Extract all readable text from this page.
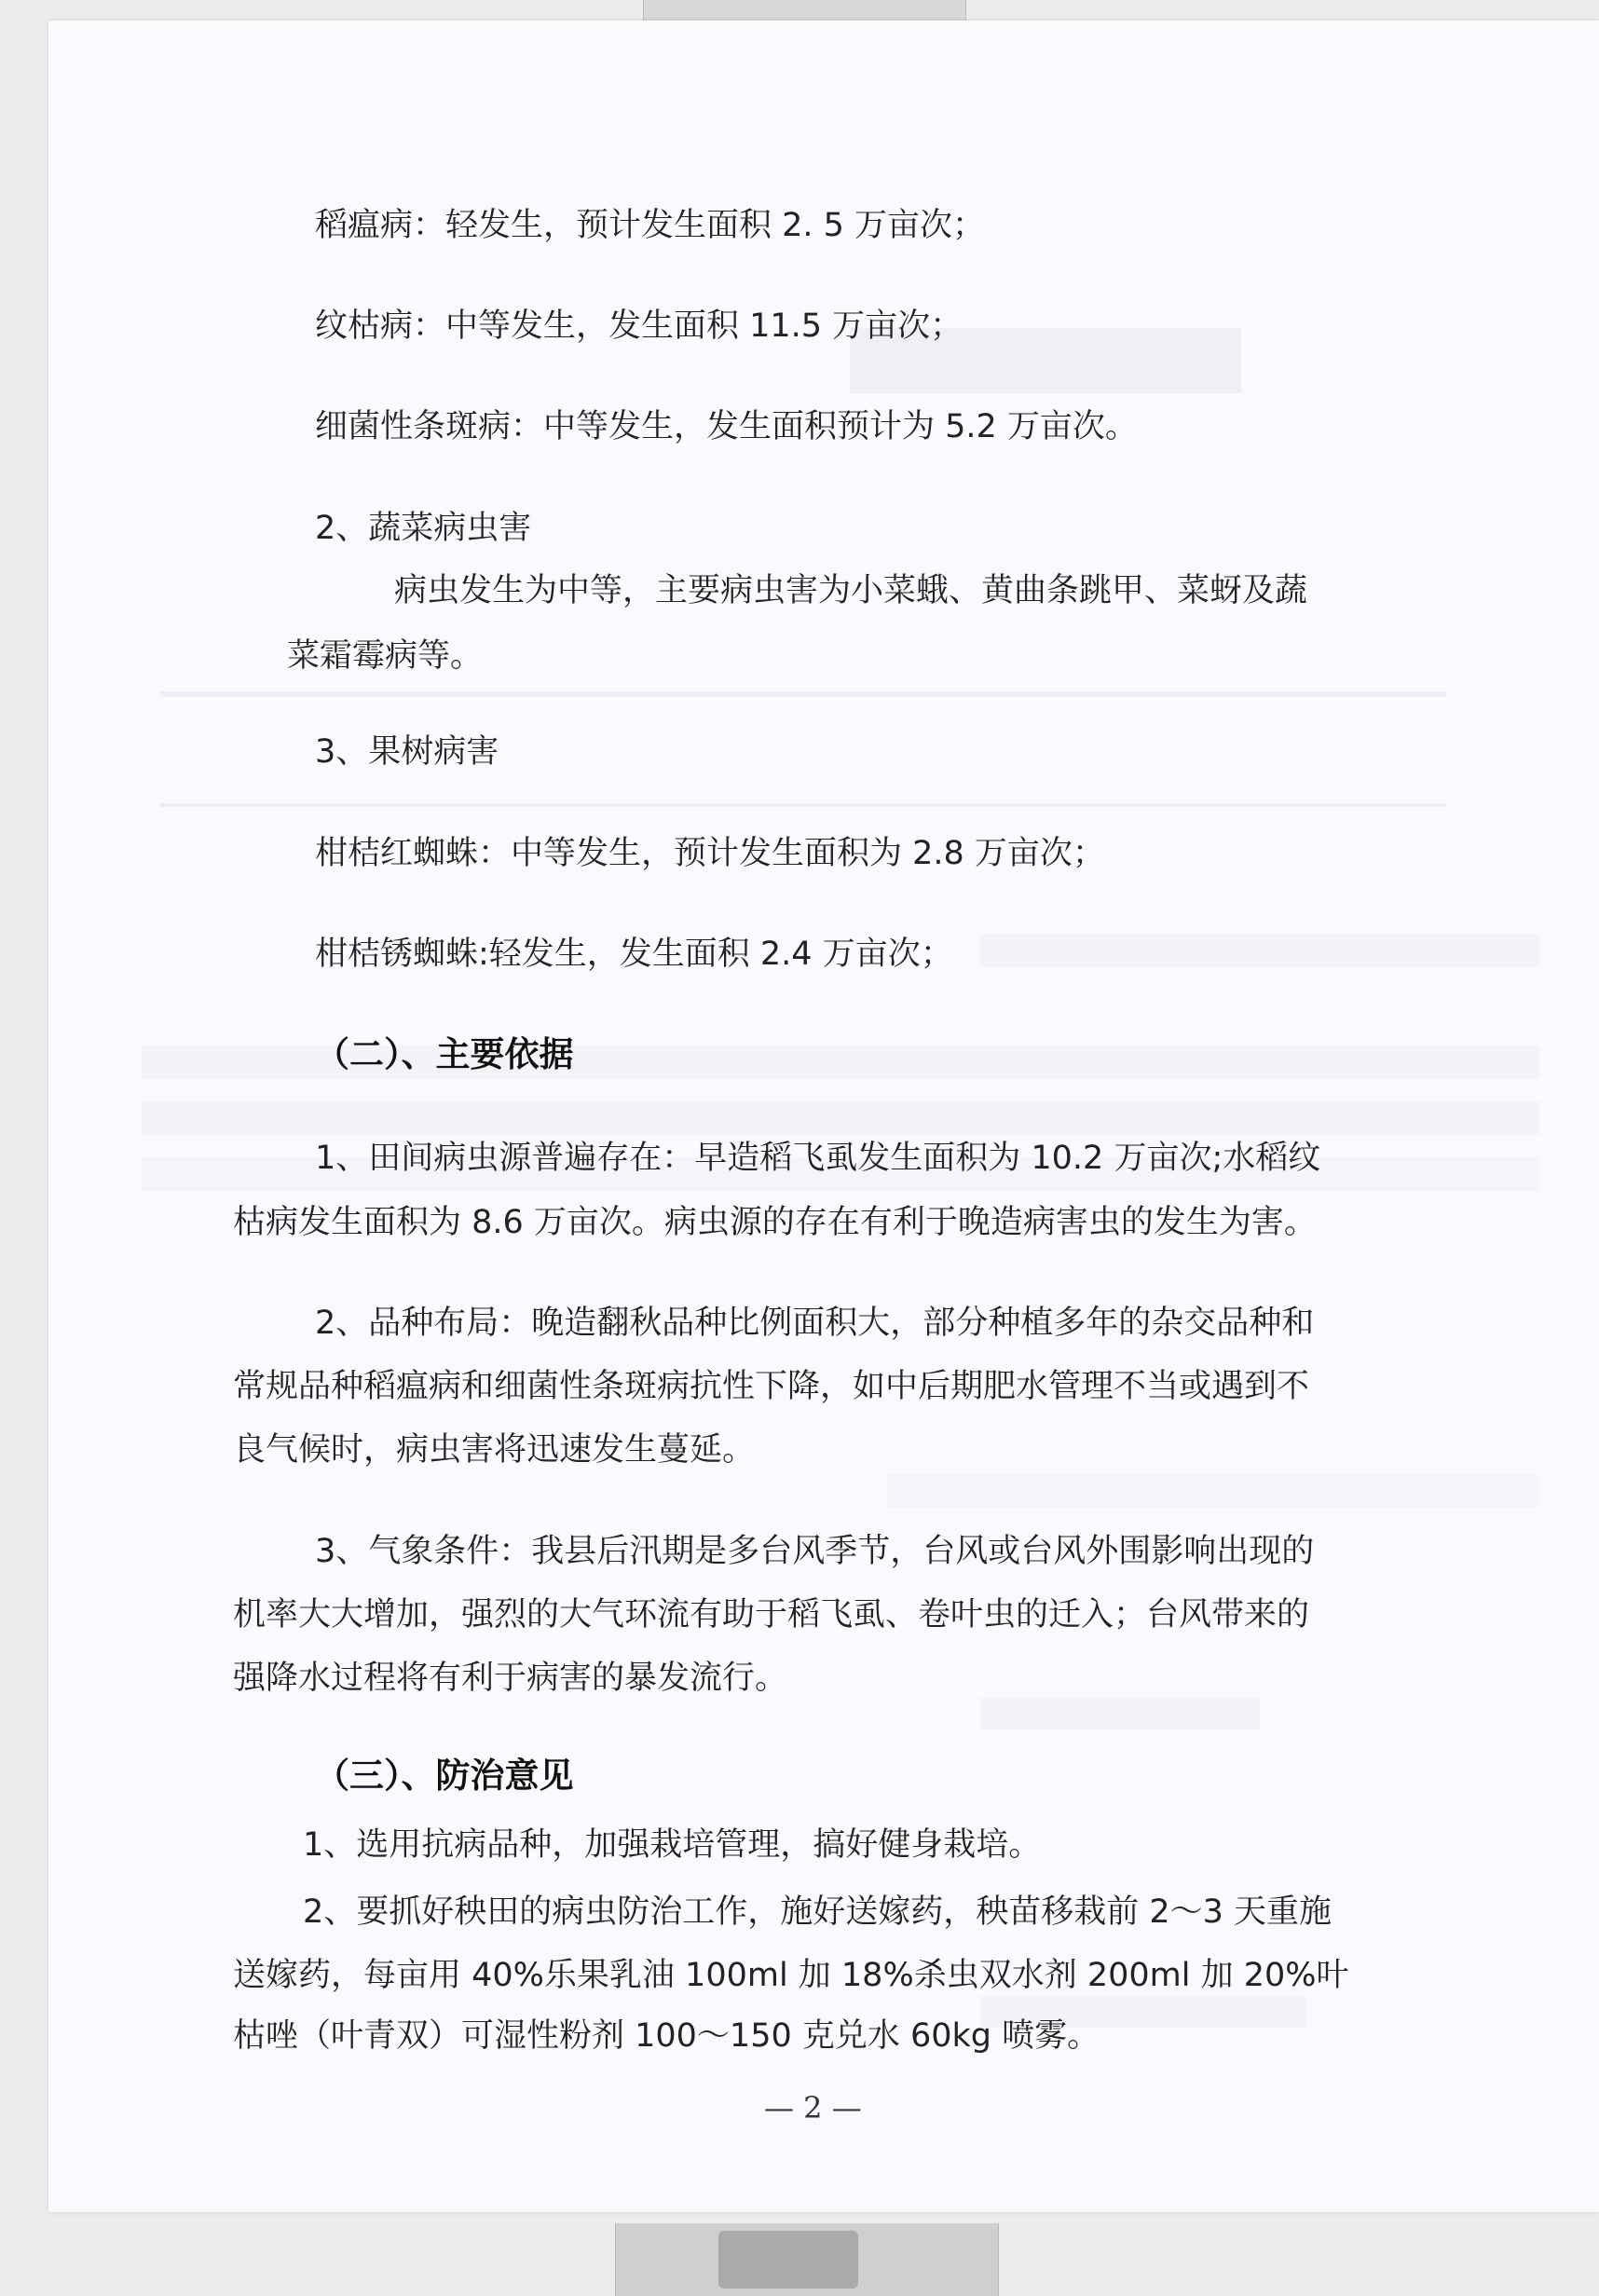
稻瘟病：轻发生，预计发生面积 2. 5 万亩次；
纹枯病：中等发生，发生面积 11.5 万亩次；
细菌性条斑病：中等发生，发生面积预计为 5.2 万亩次。
2、蔬菜病虫害
病虫发生为中等，主要病虫害为小菜蛾、黄曲条跳甲、菜蚜及蔬
菜霜霉病等。
3、果树病害
柑桔红蜘蛛：中等发生，预计发生面积为 2.8 万亩次；
柑桔锈蜘蛛:轻发生，发生面积 2.4 万亩次；
（二）、主要依据
1、田间病虫源普遍存在：早造稻飞虱发生面积为 10.2 万亩次;水稻纹
枯病发生面积为 8.6 万亩次。病虫源的存在有利于晚造病害虫的发生为害。
2、品种布局：晚造翻秋品种比例面积大，部分种植多年的杂交品种和
常规品种稻瘟病和细菌性条斑病抗性下降，如中后期肥水管理不当或遇到不
良气候时，病虫害将迅速发生蔓延。
3、气象条件：我县后汛期是多台风季节，台风或台风外围影响出现的
机率大大增加，强烈的大气环流有助于稻飞虱、卷叶虫的迁入；台风带来的
强降水过程将有利于病害的暴发流行。
（三）、防治意见
1、选用抗病品种，加强栽培管理，搞好健身栽培。
2、要抓好秧田的病虫防治工作，施好送嫁药，秧苗移栽前 2～3 天重施
送嫁药，每亩用 40%乐果乳油 100ml 加 18%杀虫双水剂 200ml 加 20%叶
枯唑（叶青双）可湿性粉剂 100～150 克兑水 60kg 喷雾。
— 2 —
